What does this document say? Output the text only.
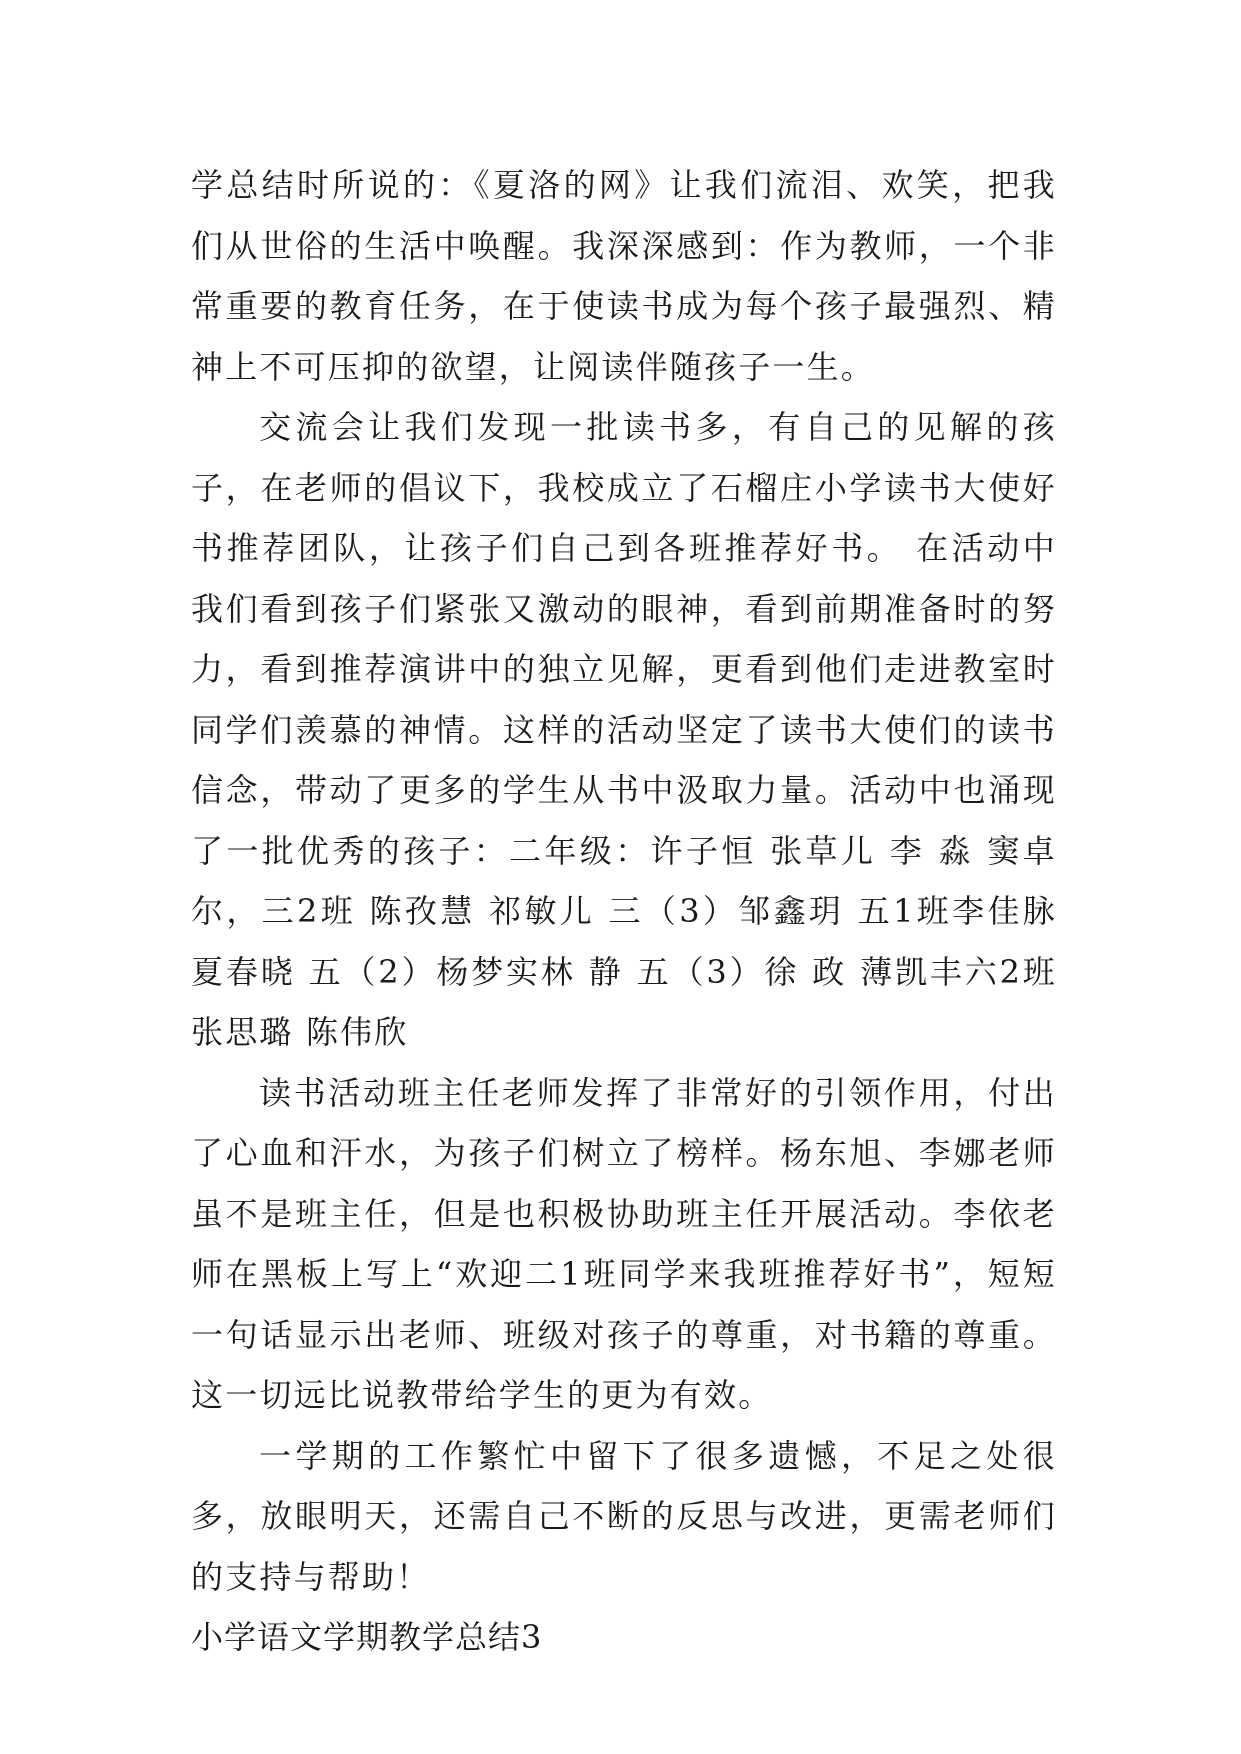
学总结时所说的：《夏洛的网》让我们流泪、欢笑，把我们从世俗的生活中唤醒。我深深感到：作为教师，一个非常重要的教育任务，在于使读书成为每个孩子最强烈、精神上不可压抑的欲望，让阅读伴随孩子一生。

交流会让我们发现一批读书多，有自己的见解的孩子，在老师的倡议下，我校成立了石榴庄小学读书大使好书推荐团队，让孩子们自己到各班推荐好书。 在活动中我们看到孩子们紧张又激动的眼神，看到前期准备时的努力，看到推荐演讲中的独立见解，更看到他们走进教室时同学们羡慕的神情。这样的活动坚定了读书大使们的读书信念，带动了更多的学生从书中汲取力量。活动中也涌现了一批优秀的孩子：二年级：许子恒 张草儿 李 淼 窦卓尔，三2班 陈孜慧 祁敏儿 三（3）邹鑫玥 五1班李佳脉 夏春晓 五（2）杨梦实林 静 五（3）徐 政 薄凯丰六2班张思璐 陈伟欣

读书活动班主任老师发挥了非常好的引领作用，付出了心血和汗水，为孩子们树立了榜样。杨东旭、李娜老师虽不是班主任，但是也积极协助班主任开展活动。李依老师在黑板上写上“欢迎二1班同学来我班推荐好书”，短短一句话显示出老师、班级对孩子的尊重，对书籍的尊重。这一切远比说教带给学生的更为有效。

一学期的工作繁忙中留下了很多遗憾，不足之处很多，放眼明天，还需自己不断的反思与改进，更需老师们的支持与帮助！

小学语文学期教学总结3
